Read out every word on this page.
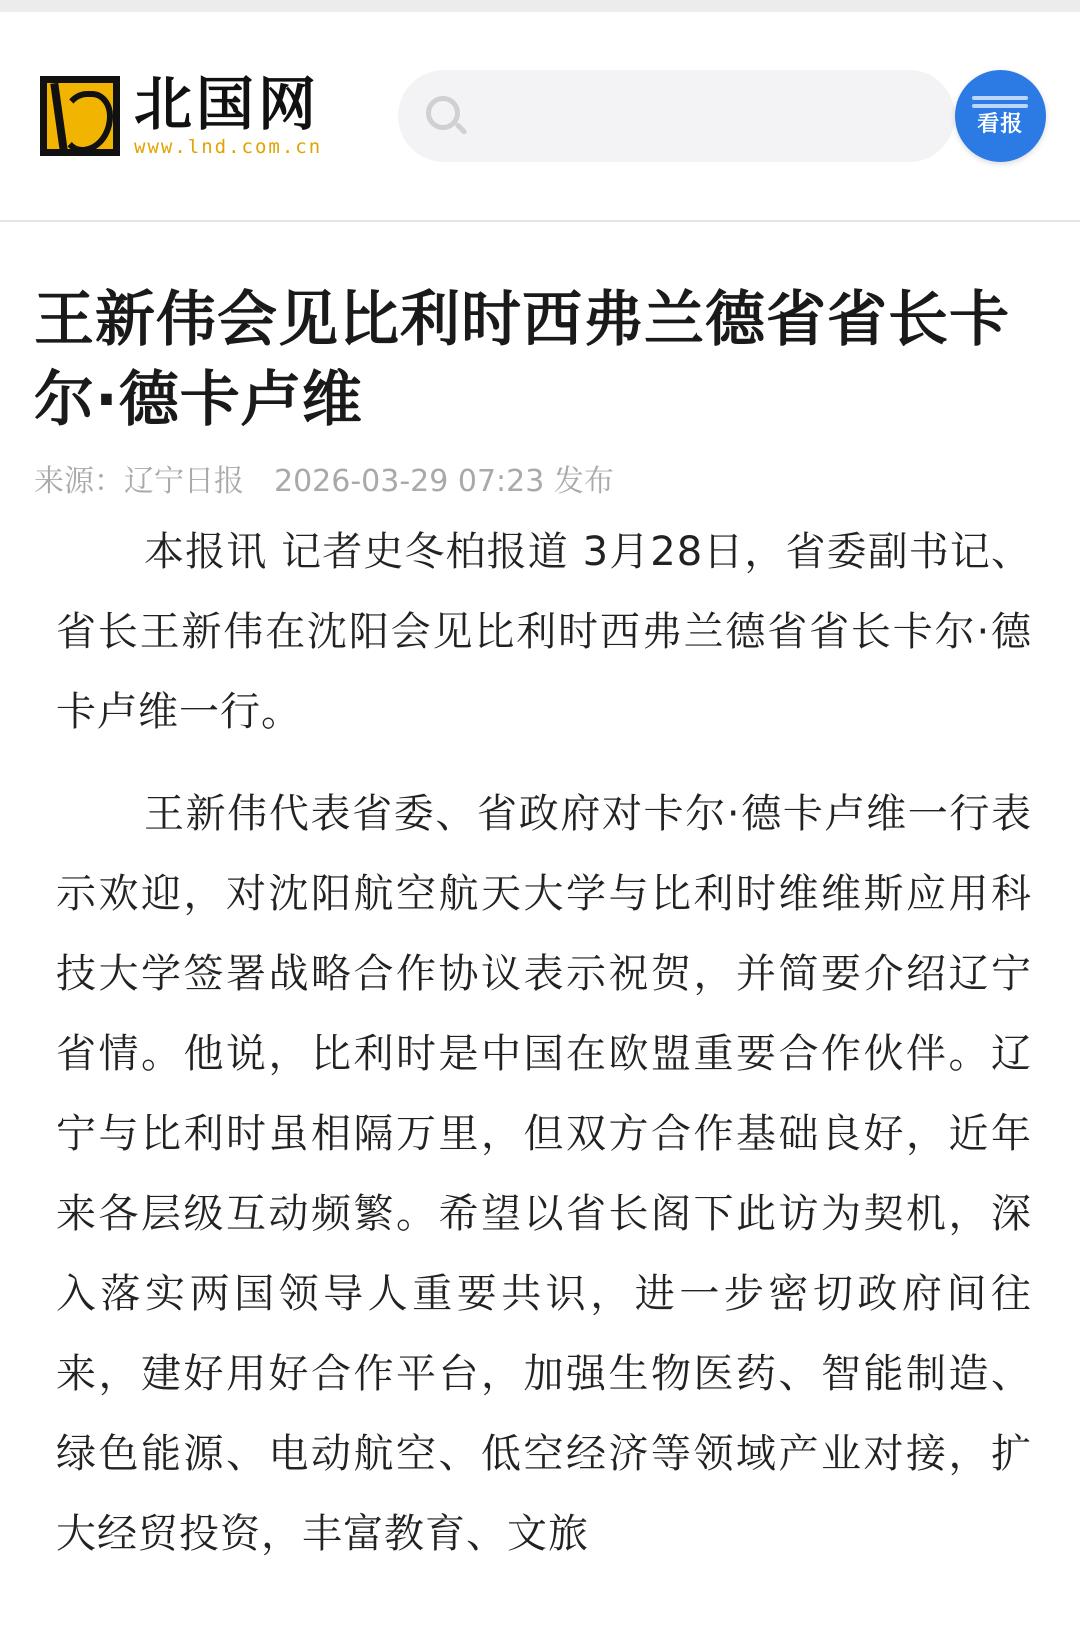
北国网
www.lnd.com.cn
看报
王新伟会见比利时西弗兰德省省长卡尔·德卡卢维
来源：辽宁日报 2026-03-29 07:23 发布

本报讯 记者史冬柏报道 3月28日，省委副书记、省长王新伟在沈阳会见比利时西弗兰德省省长卡尔·德卡卢维一行。

王新伟代表省委、省政府对卡尔·德卡卢维一行表示欢迎，对沈阳航空航天大学与比利时维维斯应用科技大学签署战略合作协议表示祝贺，并简要介绍辽宁省情。他说，比利时是中国在欧盟重要合作伙伴。辽宁与比利时虽相隔万里，但双方合作基础良好，近年来各层级互动频繁。希望以省长阁下此访为契机，深入落实两国领导人重要共识，进一步密切政府间往来，建好用好合作平台，加强生物医药、智能制造、绿色能源、电动航空、低空经济等领域产业对接，扩大经贸投资，丰富教育、文旅
